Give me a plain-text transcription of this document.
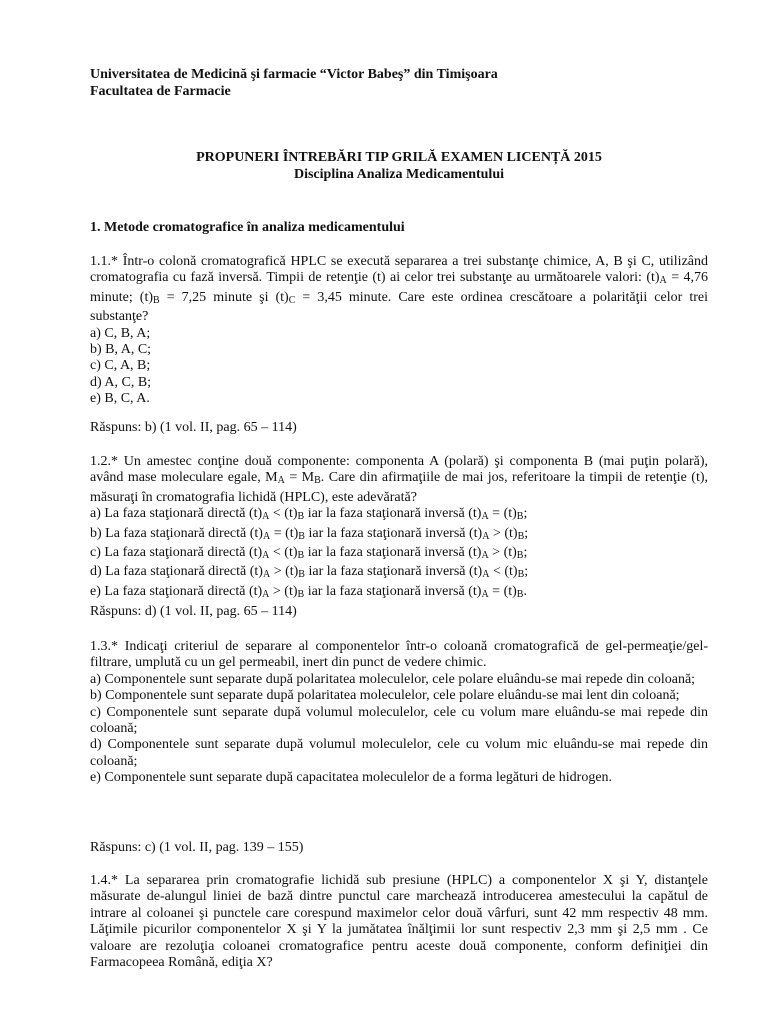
Universitatea de Medicină şi farmacie “Victor Babeş” din Timişoara
Facultatea de Farmacie
PROPUNERI ÎNTREBĂRI TIP GRILĂ EXAMEN LICENȚĂ 2015
Disciplina Analiza Medicamentului
1. Metode cromatografice în analiza medicamentului

1.1.* Într-o colonă cromatografică HPLC se execută separarea a trei substanţe chimice, A, B şi C, utilizând cromatografia cu fază inversă. Timpii de retenţie (t) ai celor trei substanţe au următoarele valori: $(t)_A = 4,76$ minute; $(t)_B = 7,25$ minute şi $(t)_C = 3,45$ minute. Care este ordinea crescătoare a polarităţii celor trei substanţe?

a) C, B, A;
b) B, A, C;
c) C, A, B;
d) A, C, B;
e) B, C, A.
Răspuns: b) (1 vol. II, pag. 65 – 114)

1.2.* Un amestec conţine două componente: componenta A (polară) şi componenta B (mai puţin polară), având mase moleculare egale, $M_A = M_B$. Care din afirmaţiile de mai jos, referitoare la timpii de retenţie (t), măsuraţi în cromatografia lichidă (HPLC), este adevărată?

a) La faza staţionară directă $(t)_A < (t)_B$ iar la faza staţionară inversă $(t)_A = (t)_B$;
b) La faza staţionară directă $(t)_A = (t)_B$ iar la faza staţionară inversă $(t)_A > (t)_B$;
c) La faza staţionară directă $(t)_A < (t)_B$ iar la faza staţionară inversă $(t)_A > (t)_B$;
d) La faza staţionară directă $(t)_A > (t)_B$ iar la faza staţionară inversă $(t)_A < (t)_B$;
e) La faza staţionară directă $(t)_A > (t)_B$ iar la faza staţionară inversă $(t)_A = (t)_B$.
Răspuns: d) (1 vol. II, pag. 65 – 114)

1.3.* Indicaţi criteriul de separare al componentelor într-o coloană cromatografică de gel-permeaţie/gel-filtrare, umplută cu un gel permeabil, inert din punct de vedere chimic.

a) Componentele sunt separate după polaritatea moleculelor, cele polare eluându-se mai repede din coloană;
b) Componentele sunt separate după polaritatea moleculelor, cele polare eluându-se mai lent din coloană;
c) Componentele sunt separate după volumul moleculelor, cele cu volum mare eluându-se mai repede din coloană;
d) Componentele sunt separate după volumul moleculelor, cele cu volum mic eluându-se mai repede din coloană;
e) Componentele sunt separate după capacitatea moleculelor de a forma legături de hidrogen.
Răspuns: c) (1 vol. II, pag. 139 – 155)

1.4.* La separarea prin cromatografie lichidă sub presiune (HPLC) a componentelor X şi Y, distanţele măsurate de-alungul liniei de bază dintre punctul care marchează introducerea amestecului la capătul de intrare al coloanei şi punctele care corespund maximelor celor două vârfuri, sunt 42 mm respectiv 48 mm. Lăţimile picurilor componentelor X şi Y la jumătatea înălţimii lor sunt respectiv 2,3 mm şi 2,5 mm . Ce valoare are rezoluţia coloanei cromatografice pentru aceste două componente, conform definiţiei din Farmacopeea Română, ediţia X?
